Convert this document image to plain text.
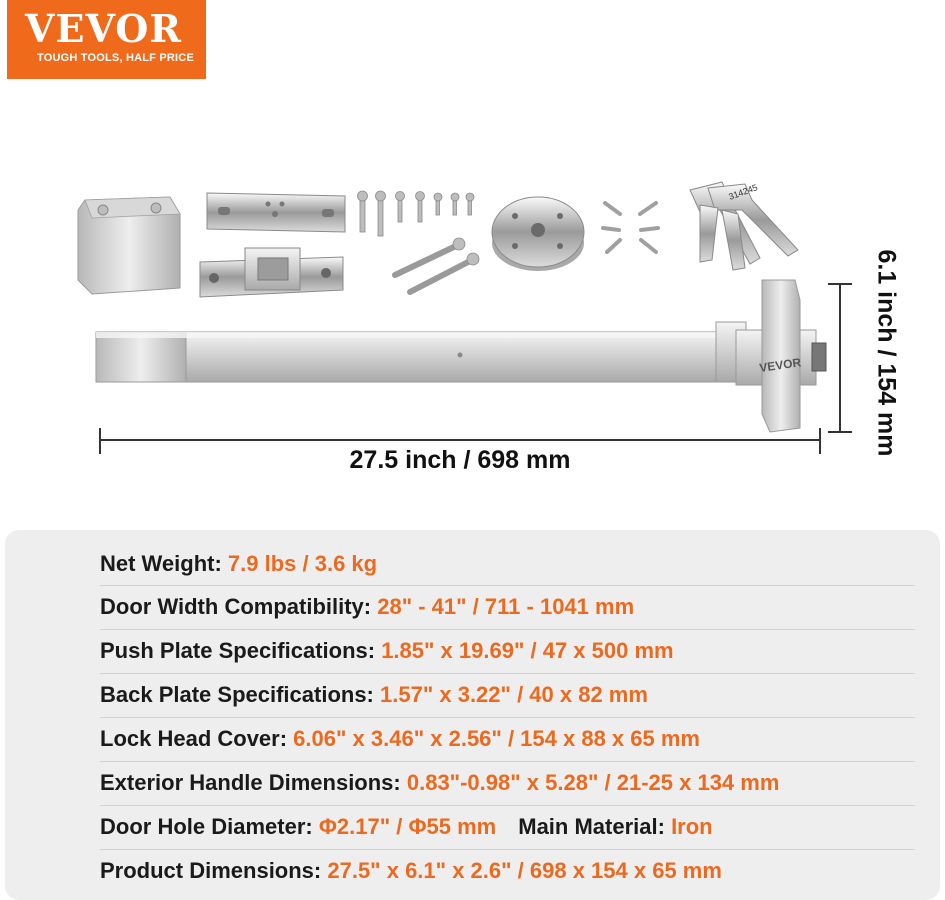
VEVOR
TOUGH TOOLS, HALF PRICE
314245
VEVOR
27.5 inch / 698 mm
6.1 inch / 154 mm
Net Weight: 7.9 lbs / 3.6 kg
Door Width Compatibility: 28" - 41" / 711 - 1041 mm
Push Plate Specifications: 1.85" x 19.69" / 47 x 500 mm
Back Plate Specifications: 1.57" x 3.22" / 40 x 82 mm
Lock Head Cover: 6.06" x 3.46" x 2.56" / 154 x 88 x 65 mm
Exterior Handle Dimensions: 0.83"-0.98" x 5.28" / 21-25 x 134 mm
Door Hole Diameter: Φ2.17" / Φ55 mm Main Material: Iron
Product Dimensions: 27.5" x 6.1" x 2.6" / 698 x 154 x 65 mm
